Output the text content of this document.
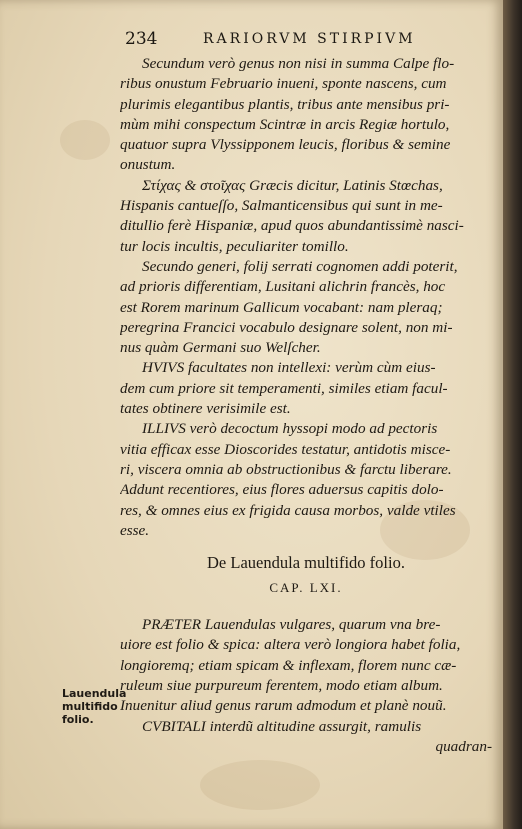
234	RARIORVM STIRPIVM
Secundum verò genus non nisi in summa Calpe flo-
ribus onustum Februario inueni, sponte nascens, cum
plurimis elegantibus plantis, tribus ante mensibus pri-
mùm mihi conspectum Scintræ in arcis Regiæ hortulo,
quatuor supra Vlyssipponem leucis, floribus & semine
onustum.
Στίχας & στοῖχας Græcis dicitur, Latinis Stœchas,
Hispanis cantueſſo, Salmanticensibus qui sunt in me-
ditullio ferè Hispaniæ, apud quos abundantissimè nasci-
tur locis incultis, peculiariter tomillo.
Secundo generi, folij serrati cognomen addi poterit,
ad prioris differentiam, Lusitani alichrin francès, hoc
est Rorem marinum Gallicum vocabant: nam pleraq;
peregrina Francici vocabulo designare solent, non mi-
nus quàm Germani suo Welſcher.
HVIVS facultates non intellexi: verùm cùm eius-
dem cum priore sit temperamenti, similes etiam facul-
tates obtinere verisimile est.
ILLIVS verò decoctum hyssopi modo ad pectoris
vitia efficax esse Dioscorides testatur, antidotis misce-
ri, viscera omnia ab obstructionibus & farctu liberare.
Addunt recentiores, eius flores aduersus capitis dolo-
res, & omnes eius ex frigida causa morbos, valde vtiles
esse.
De Lauendula multifido folio.
CAP. LXI.
PRÆTER Lauendulas vulgares, quarum vna bre-
uiore est folio & spica: altera verò longiora habet folia,
longioremq; etiam spicam & inflexam, florem nunc cæ-
ruleum siue purpureum ferentem, modo etiam album.
Inuenitur aliud genus rarum admodum et planè nouũ.
CVBITALI interdũ altitudine assurgit, ramulis
quadran-
Lauendula
multifido
folio.
